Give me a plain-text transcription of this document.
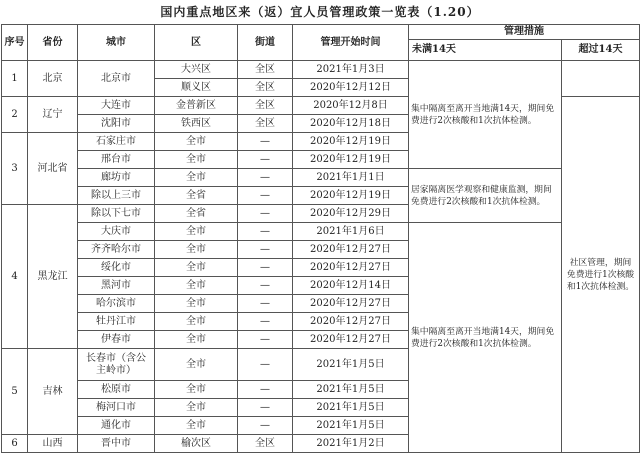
国内重点地区来（返）宜人员管理政策一览表（1.20）
序号	省份	城市	区	街道	管理开始时间	管理措施	
						未满14天	超过14天
1	北京	北京市	大兴区	全区	2021年1月3日	集中隔离至离开当地满14天，期间免费进行2次核酸和1次抗体检测。	
			顺义区	全区	2020年12月12日		
2	辽宁	大连市	金普新区	全区	2020年12月8日		社区管理，期间免费进行1次核酸和1次抗体检测。
		沈阳市	铁西区	全区	2020年12月18日		
3	河北省	石家庄市	全市	—	2020年12月19日		
		邢台市	全市	—	2020年12月19日		
		廊坊市	全市	—	2021年1月1日	居家隔离医学观察和健康监测，期间免费进行2次核酸和1次抗体检测。	
		除以上三市	全省	—	2020年12月19日		
4	黑龙江	除以下七市	全省	—	2020年12月29日		
		大庆市	全市	—	2021年1月6日	集中隔离至离开当地满14天，期间免费进行2次核酸和1次抗体检测。	
		齐齐哈尔市	全市	—	2020年12月27日		
		绥化市	全市	—	2020年12月27日		
		黑河市	全市	—	2020年12月14日		
		哈尔滨市	全市	—	2020年12月27日		
		牡丹江市	全市	—	2020年12月27日		
		伊春市	全市	—	2020年12月27日		
5	吉林	长春市（含公主岭市）	全市	—	2021年1月5日		
		松原市	全市	—	2021年1月5日		
		梅河口市	全市	—	2021年1月5日		
		通化市	全市	—	2021年1月5日		
6	山西	晋中市	榆次区	全区	2021年1月2日		
